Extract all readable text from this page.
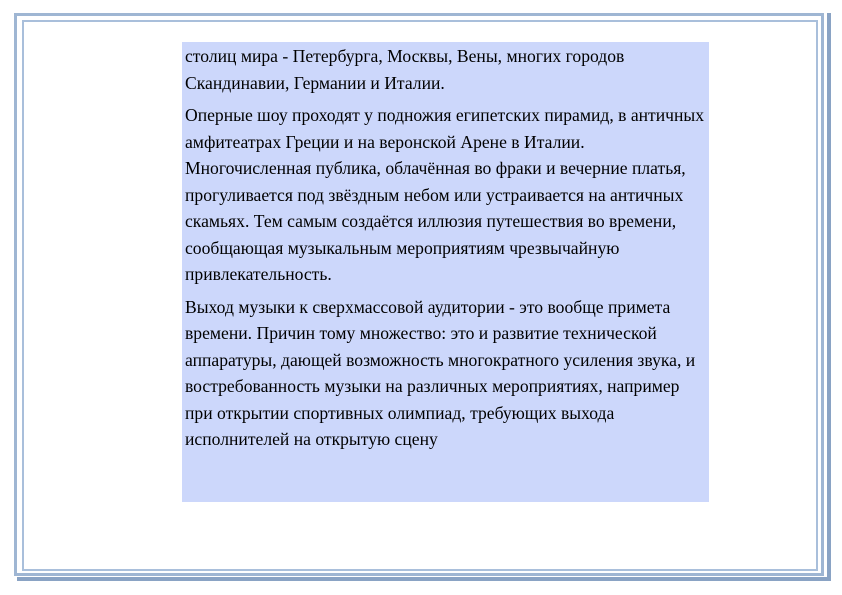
столиц мира - Петербурга, Москвы, Вены, многих городов Скандинавии, Германии и Италии.

Оперные шоу проходят у подножия египетских пирамид, в античных амфитеатрах Греции и на веронской Арене в Италии. Многочисленная публика, облачённая во фраки и вечерние платья, прогуливается под звёздным небом или устраивается на античных скамьях. Тем самым создаётся иллюзия путешествия во времени, сообщающая музыкальным мероприятиям чрезвычайную привлекательность.

Выход музыки к сверхмассовой аудитории - это вообще примета времени. Причин тому множество: это и развитие технической аппаратуры, дающей возможность многократного усиления звука, и востребованность музыки на различных мероприятиях, например при открытии спортивных олимпиад, требующих выхода исполнителей на открытую сцену
